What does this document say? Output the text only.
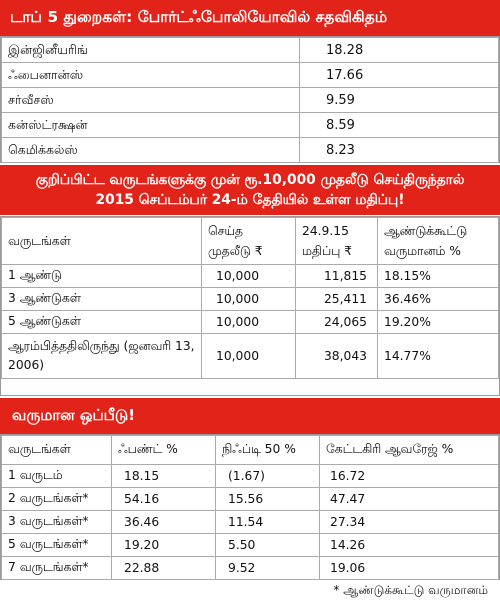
டாப் 5 துறைகள்: போர்ட்ஃபோலியோவில் சதவிகிதம்
இன்ஜினீயரிங்	18.28
ஃபைனான்ஸ்	17.66
சர்வீசஸ்	9.59
கன்ஸ்ட்ரக்ஷன்	8.59
கெமிக்கல்ஸ்	8.23
குறிப்பிட்ட வருடங்களுக்கு முன் ரூ.10,000 முதலீடு செய்திருந்தால்
2015 செப்டம்பர் 24-ம் தேதியில் உள்ள மதிப்பு!
வருடங்கள்	செய்த முதலீடு ₹	24.9.15 மதிப்பு ₹	ஆண்டுக்கூட்டு வருமானம் %
1 ஆண்டு	10,000	11,815	18.15%
3 ஆண்டுகள்	10,000	25,411	36.46%
5 ஆண்டுகள்	10,000	24,065	19.20%
ஆரம்பித்ததிலிருந்து (ஜனவரி 13, 2006)	10,000	38,043	14.77%
வருமான ஒப்பீடு!
வருடங்கள்	ஃபண்ட் %	நிஃப்டி 50 %	கேட்டகிரி ஆவரேஜ் %
1 வருடம்	18.15	(1.67)	16.72
2 வருடங்கள்*	54.16	15.56	47.47
3 வருடங்கள்*	36.46	11.54	27.34
5 வருடங்கள்*	19.20	5.50	14.26
7 வருடங்கள்*	22.88	9.52	19.06
* ஆண்டுக்கூட்டு வருமானம்
